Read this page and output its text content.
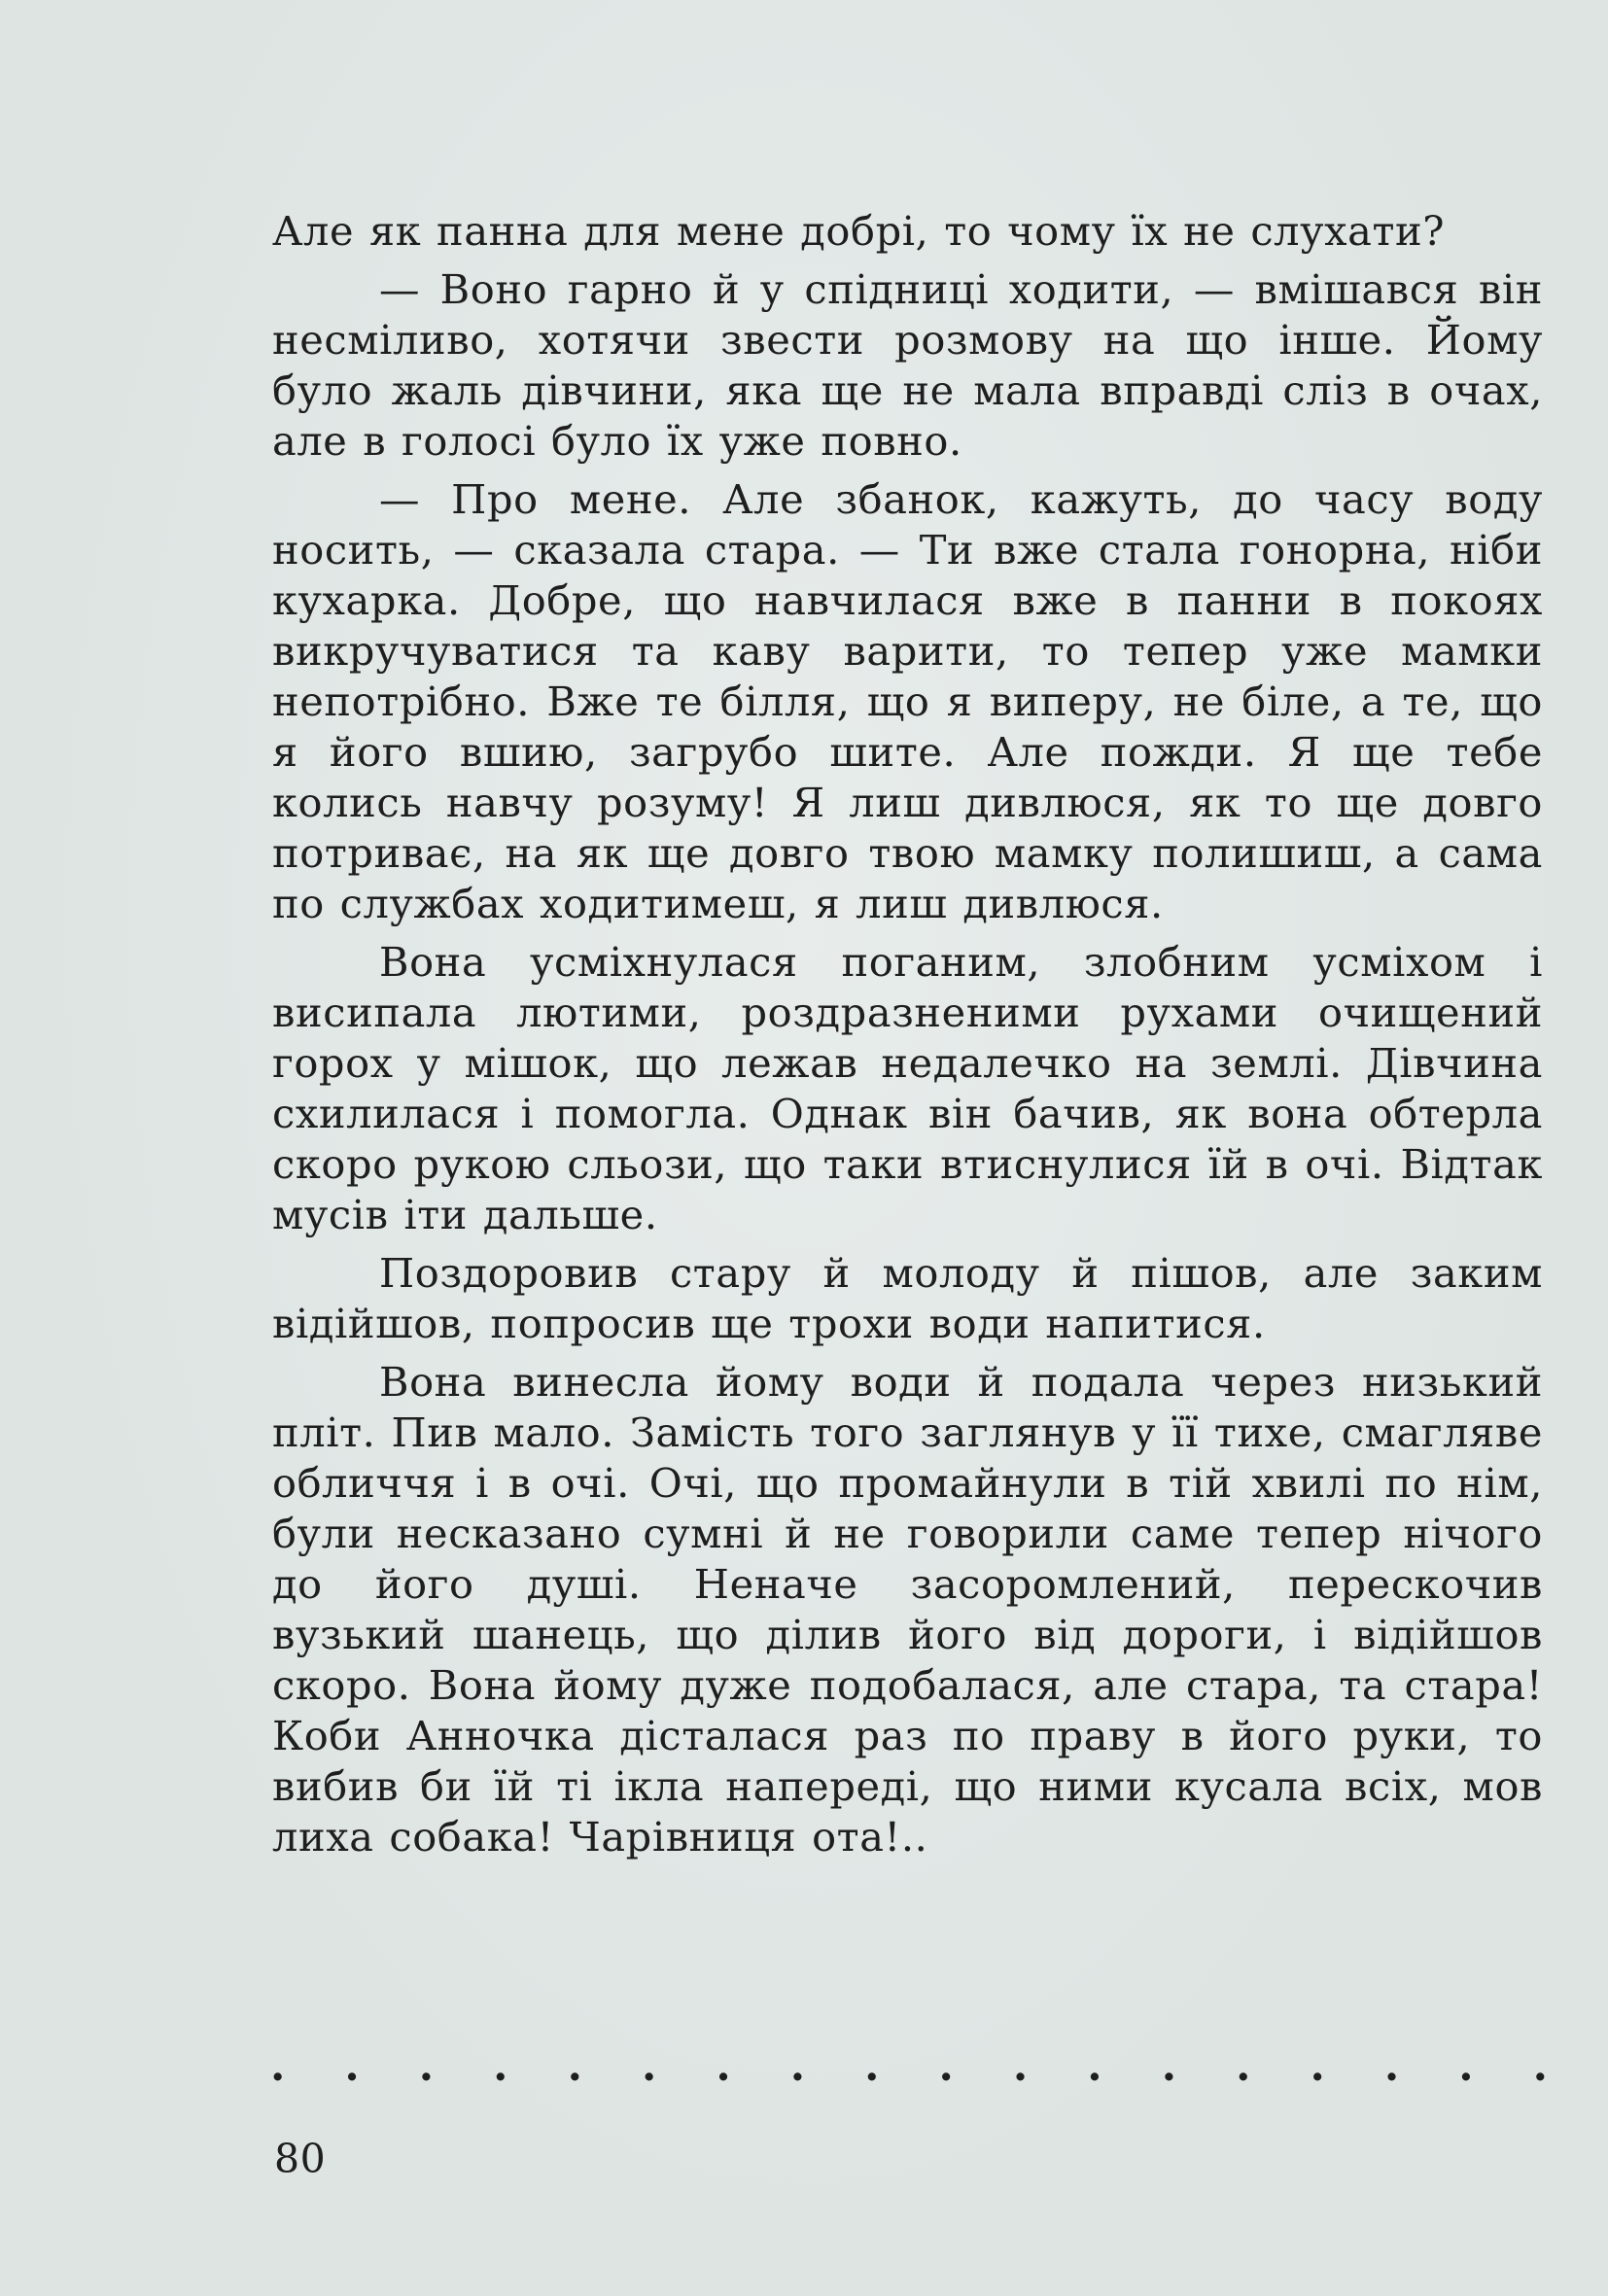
Але як панна для мене добрі, то чому їх не слухати?

— Воно гарно й у спідниці ходити, — вмішався він несміливо, хотячи звести розмову на що інше. Йому було жаль дівчини, яка ще не мала вправді сліз в очах, але в голосі було їх уже повно.

— Про мене. Але збанок, кажуть, до часу воду носить, — сказала стара. — Ти вже стала гонорна, ніби кухарка. Добре, що навчилася вже в панни в покоях викручуватися та каву варити, то тепер уже мамки непотрібно. Вже те білля, що я виперу, не біле, а те, що я його вшию, загрубо шите. Але пожди. Я ще тебе колись навчу розуму! Я лиш дивлюся, як то ще довго потриває, на як ще довго твою мамку полишиш, а сама по службах ходитимеш, я лиш дивлюся.

Вона усміхнулася поганим, злобним усміхом і висипала лютими, роздразненими рухами очищений горох у мішок, що лежав недалечко на землі. Дівчина схилилася і помогла. Однак він бачив, як вона обтерла скоро рукою сльози, що таки втиснулися їй в очі. Відтак мусів іти дальше.

Поздоровив стару й молоду й пішов, але заким відійшов, попросив ще трохи води напитися.

Вона винесла йому води й подала через низький пліт. Пив мало. Замість того заглянув у її тихе, смагляве обличчя і в очі. Очі, що промайнули в тій хвилі по нім, були несказано сумні й не говорили саме тепер нічого до його душі. Неначе засоромлений, перескочив вузький шанець, що ділив його від дороги, і відійшов скоро. Вона йому дуже подобалася, але стара, та стара! Коби Анночка дісталася раз по праву в його руки, то вибив би їй ті ікла напереді, що ними кусала всіх, мов лиха собака! Чарівниця ота!..

. . . . . . . . . . . . . . . . . .
80
